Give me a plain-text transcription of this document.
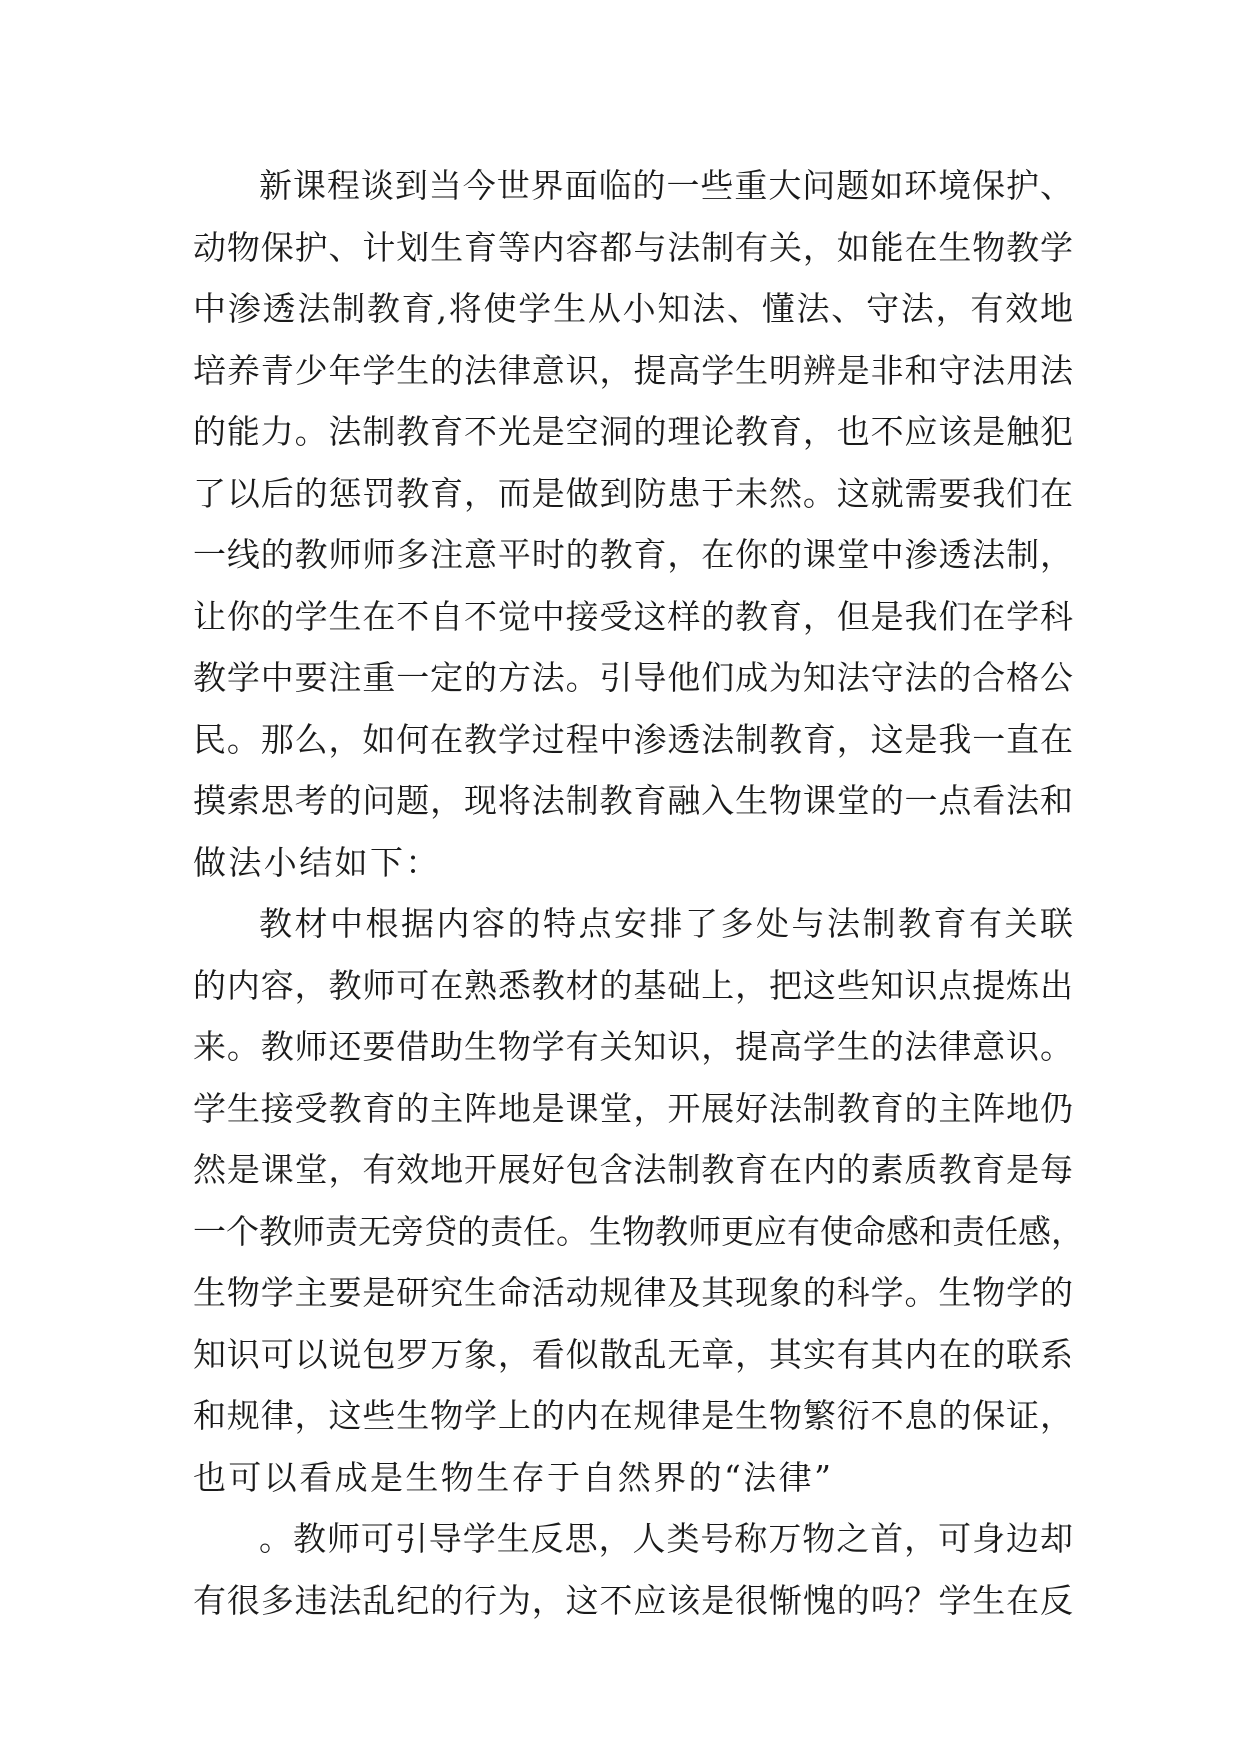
新课程谈到当今世界面临的一些重大问题如环境保护、
动物保护、计划生育等内容都与法制有关，如能在生物教学
中渗透法制教育,将使学生从小知法、懂法、守法，有效地
培养青少年学生的法律意识，提高学生明辨是非和守法用法
的能力。法制教育不光是空洞的理论教育，也不应该是触犯
了以后的惩罚教育，而是做到防患于未然。这就需要我们在
一线的教师师多注意平时的教育，在你的课堂中渗透法制，
让你的学生在不自不觉中接受这样的教育，但是我们在学科
教学中要注重一定的方法。引导他们成为知法守法的合格公
民。那么，如何在教学过程中渗透法制教育，这是我一直在
摸索思考的问题，现将法制教育融入生物课堂的一点看法和
做法小结如下：
教材中根据内容的特点安排了多处与法制教育有关联
的内容，教师可在熟悉教材的基础上，把这些知识点提炼出
来。教师还要借助生物学有关知识，提高学生的法律意识。
学生接受教育的主阵地是课堂，开展好法制教育的主阵地仍
然是课堂，有效地开展好包含法制教育在内的素质教育是每
一个教师责无旁贷的责任。生物教师更应有使命感和责任感，
生物学主要是研究生命活动规律及其现象的科学。生物学的
知识可以说包罗万象，看似散乱无章，其实有其内在的联系
和规律，这些生物学上的内在规律是生物繁衍不息的保证，
也可以看成是生物生存于自然界的“法律”
。教师可引导学生反思，人类号称万物之首，可身边却
有很多违法乱纪的行为，这不应该是很惭愧的吗？学生在反
